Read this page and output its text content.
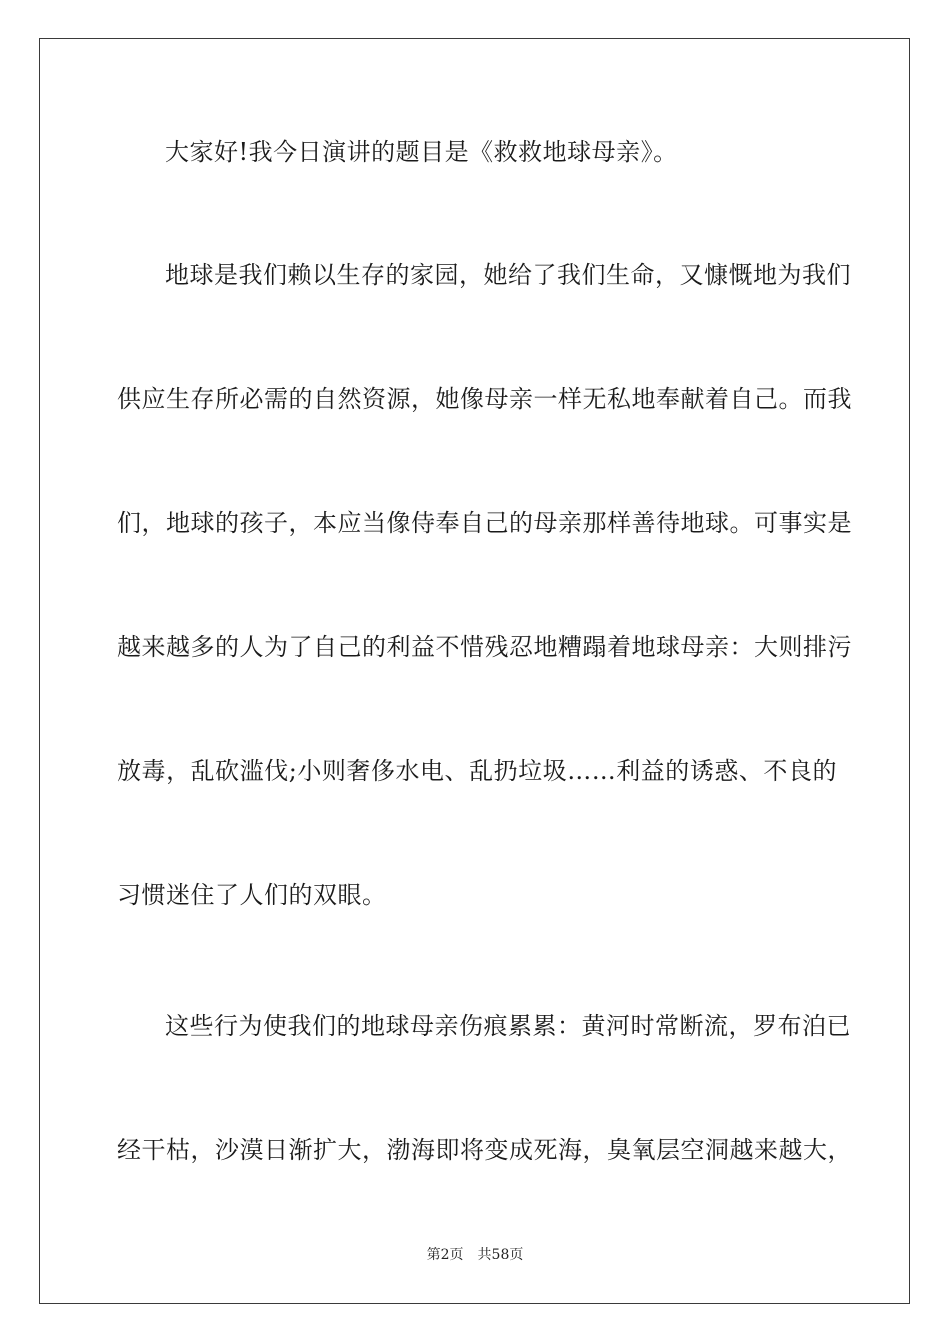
大家好!我今日演讲的题目是《救救地球母亲》。
地球是我们赖以生存的家园，她给了我们生命，又慷慨地为我们
供应生存所必需的自然资源，她像母亲一样无私地奉献着自己。而我
们，地球的孩子，本应当像侍奉自己的母亲那样善待地球。可事实是
越来越多的人为了自己的利益不惜残忍地糟蹋着地球母亲：大则排污
放毒，乱砍滥伐;小则奢侈水电、乱扔垃圾……利益的诱惑、不良的
习惯迷住了人们的双眼。
这些行为使我们的地球母亲伤痕累累：黄河时常断流，罗布泊已
经干枯，沙漠日渐扩大，渤海即将变成死海，臭氧层空洞越来越大，
第2页 共58页
